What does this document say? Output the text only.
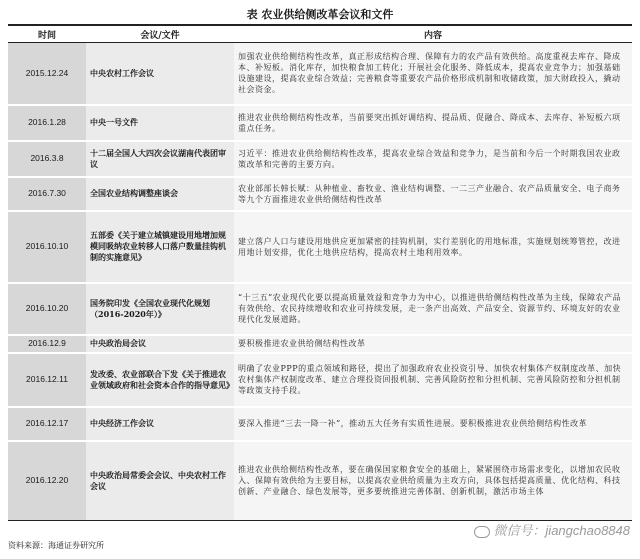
表 农业供给侧改革会议和文件
时间	会议/文件	内容
2015.12.24	中央农村工作会议	加强农业供给侧结构性改革，真正形成结构合理、保障有力的农产品有效供给。高度重视去库存、降成本、补短板。消化库存，加快粮食加工转化；开展社会化服务、降低成本，提高农业竞争力；加强基础设施建设，提高农业综合效益；完善粮食等重要农产品价格形成机制和收储政策，加大财政投入，撬动社会资金。
2016.1.28	中央一号文件	推进农业供给侧结构性改革，当前要突出抓好调结构、提品质、促融合、降成本、去库存、补短板六项重点任务。
2016.3.8	十二届全国人大四次会议湖南代表团审议	习近平：推进农业供给侧结构性改革，提高农业综合效益和竞争力，是当前和今后一个时期我国农业政策改革和完善的主要方向。
2016.7.30	全国农业结构调整座谈会	农业部部长韩长赋：从种植业、畜牧业、渔业结构调整、一二三产业融合、农产品质量安全、电子商务等九个方面推进农业供给侧结构性改革
2016.10.10	五部委《关于建立城镇建设用地增加规模同吸纳农业转移人口落户数量挂钩机制的实施意见》	建立落户人口与建设用地供应更加紧密的挂钩机制，实行差别化的用地标准，实施规划统筹管控，改进用地计划安排，优化土地供应结构，提高农村土地利用效率。
2016.10.20	国务院印发《全国农业现代化规划（2016-2020年）》	“十三五”农业现代化要以提高质量效益和竞争力为中心，以推进供给侧结构性改革为主线，保障农产品有效供给、农民持续增收和农业可持续发展，走一条产出高效、产品安全、资源节约、环境友好的农业现代化发展道路。
2016.12.9	中央政治局会议	要积极推进农业供给侧结构性改革
2016.12.11	发改委、农业部联合下发《关于推进农业领域政府和社会资本合作的指导意见》	明确了农业PPP的重点领域和路径，提出了加强政府农业投资引导、加快农村集体产权制度改革、加快农村集体产权制度改革、建立合理投资回报机制、完善风险防控和分担机制、完善风险防控和分担机制等政策支持手段。
2016.12.17	中央经济工作会议	要深入推进“三去一降一补”，推动五大任务有实质性进展。要积极推进农业供给侧结构性改革
2016.12.20	中央政治局常委会会议、中央农村工作会议	推进农业供给侧结构性改革，要在确保国家粮食安全的基础上，紧紧围绕市场需求变化，以增加农民收入、保障有效供给为主要目标，以提高农业供给质量为主攻方向，具体包括提高质量、优化结构、科技创新、产业融合、绿色发展等，更多要统推进完善体制、创新机制，激活市场主体
微信号：jiangchao8848
资料来源：海通证券研究所
